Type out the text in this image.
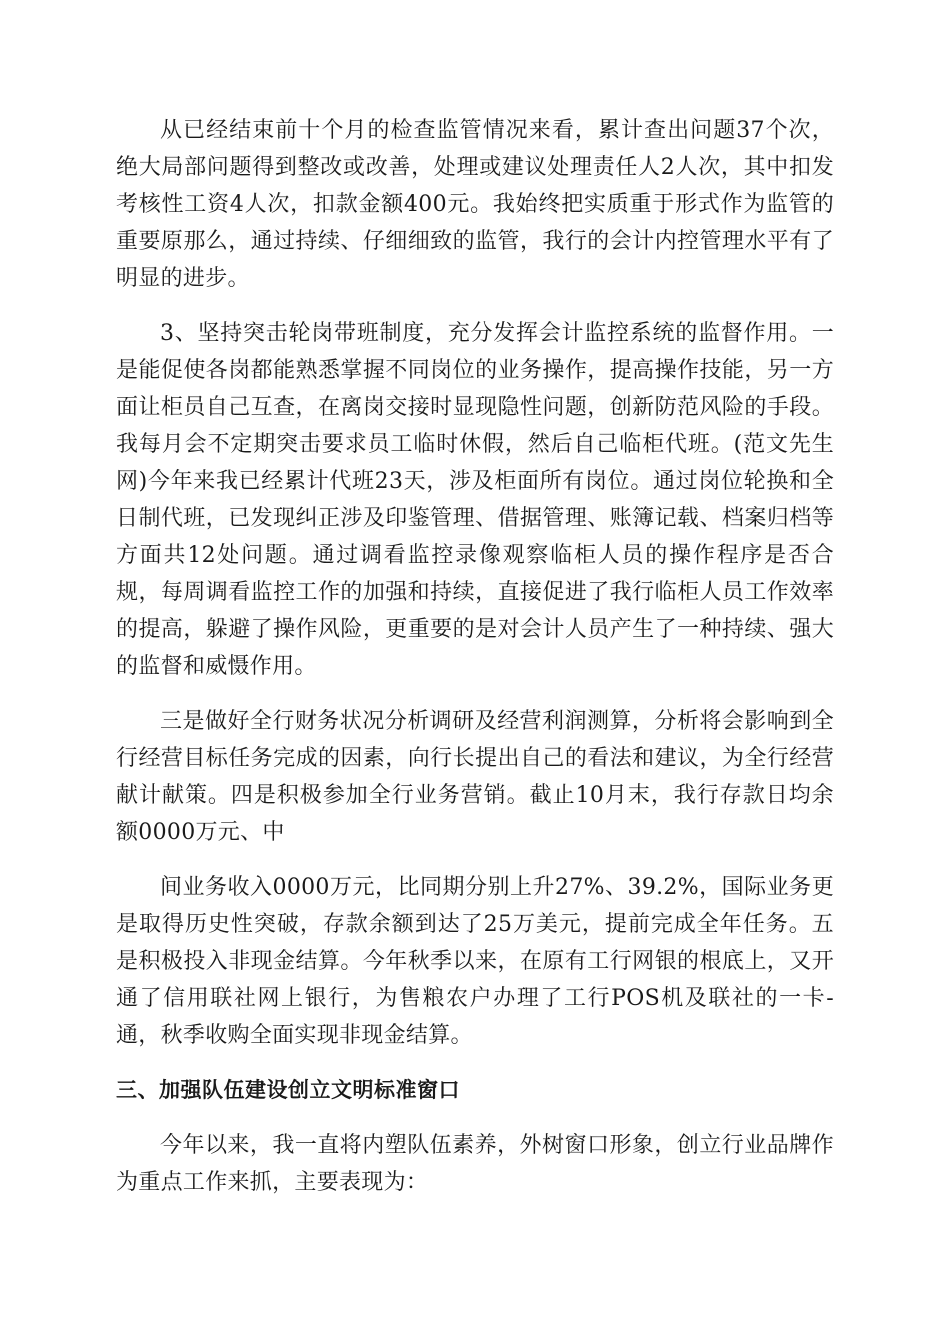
从已经结束前十个月的检查监管情况来看，累计查出问题37个次，绝大局部问题得到整改或改善，处理或建议处理责任人2人次，其中扣发考核性工资4人次，扣款金额400元。我始终把实质重于形式作为监管的重要原那么，通过持续、仔细细致的监管，我行的会计内控管理水平有了明显的进步。

3、坚持突击轮岗带班制度，充分发挥会计监控系统的监督作用。一是能促使各岗都能熟悉掌握不同岗位的业务操作，提高操作技能，另一方面让柜员自己互查，在离岗交接时显现隐性问题，创新防范风险的手段。我每月会不定期突击要求员工临时休假，然后自己临柜代班。(范文先生网)今年来我已经累计代班23天，涉及柜面所有岗位。通过岗位轮换和全日制代班，已发现纠正涉及印鉴管理、借据管理、账簿记载、档案归档等方面共12处问题。通过调看监控录像观察临柜人员的操作程序是否合规，每周调看监控工作的加强和持续，直接促进了我行临柜人员工作效率的提高，躲避了操作风险，更重要的是对会计人员产生了一种持续、强大的监督和威慑作用。

三是做好全行财务状况分析调研及经营利润测算，分析将会影响到全行经营目标任务完成的因素，向行长提出自己的看法和建议，为全行经营献计献策。四是积极参加全行业务营销。截止10月末，我行存款日均余额0000万元、中

间业务收入0000万元，比同期分别上升27%、39.2%，国际业务更是取得历史性突破，存款余额到达了25万美元，提前完成全年任务。五是积极投入非现金结算。今年秋季以来，在原有工行网银的根底上，又开通了信用联社网上银行，为售粮农户办理了工行POS机及联社的一卡-通，秋季收购全面实现非现金结算。

三、加强队伍建设创立文明标准窗口

今年以来，我一直将内塑队伍素养，外树窗口形象，创立行业品牌作为重点工作来抓，主要表现为：
